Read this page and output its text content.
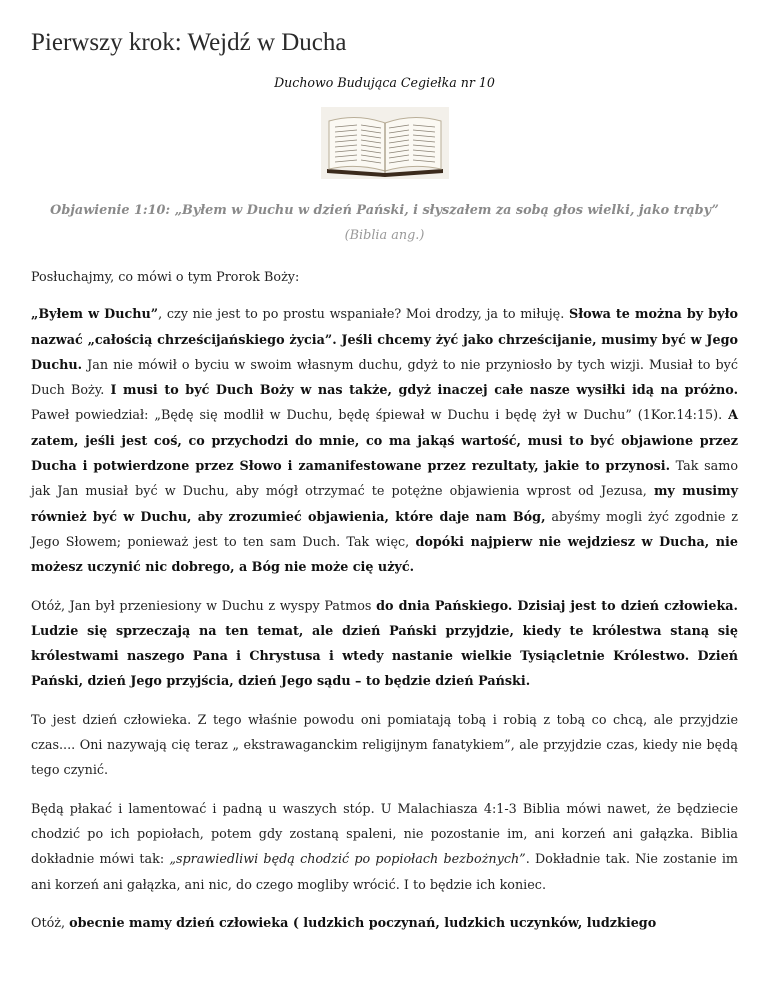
Pierwszy krok: Wejdź w Ducha
Duchowo Budująca Cegiełka nr 10
Objawienie 1:10: „Byłem w Duchu w dzień Pański, i słyszałem za sobą głos wielki, jako trąby” (Biblia ang.)

Posłuchajmy, co mówi o tym Prorok Boży:

„Byłem w Duchu”, czy nie jest to po prostu wspaniałe? Moi drodzy, ja to miłuję. Słowa te można by było nazwać „całością chrześcijańskiego życia”. Jeśli chcemy żyć jako chrześcijanie, musimy być w Jego Duchu. Jan nie mówił o byciu w swoim własnym duchu, gdyż to nie przyniosło by tych wizji. Musiał to być Duch Boży. I musi to być Duch Boży w nas także, gdyż inaczej całe nasze wysiłki idą na próżno. Paweł powiedział: „Będę się modlił w Duchu, będę śpiewał w Duchu i będę żył w Duchu” (1Kor.14:15). A zatem, jeśli jest coś, co przychodzi do mnie, co ma jakąś wartość, musi to być objawione przez Ducha i potwierdzone przez Słowo i zamanifestowane przez rezultaty, jakie to przynosi. Tak samo jak Jan musiał być w Duchu, aby mógł otrzymać te potężne objawienia wprost od Jezusa, my musimy również być w Duchu, aby zrozumieć objawienia, które daje nam Bóg, abyśmy mogli żyć zgodnie z Jego Słowem; ponieważ jest to ten sam Duch. Tak więc, dopóki najpierw nie wejdziesz w Ducha, nie możesz uczynić nic dobrego, a Bóg nie może cię użyć.

Otóż, Jan był przeniesiony w Duchu z wyspy Patmos do dnia Pańskiego. Dzisiaj jest to dzień człowieka. Ludzie się sprzeczają na ten temat, ale dzień Pański przyjdzie, kiedy te królestwa staną się królestwami naszego Pana i Chrystusa i wtedy nastanie wielkie Tysiącletnie Królestwo. Dzień Pański, dzień Jego przyjścia, dzień Jego sądu – to będzie dzień Pański.

To jest dzień człowieka. Z tego właśnie powodu oni pomiatają tobą i robią z tobą co chcą, ale przyjdzie czas.... Oni nazywają cię teraz „ ekstrawaganckim religijnym fanatykiem”, ale przyjdzie czas, kiedy nie będą tego czynić.

Będą płakać i lamentować i padną u waszych stóp. U Malachiasza 4:1-3 Biblia mówi nawet, że będziecie chodzić po ich popiołach, potem gdy zostaną spaleni, nie pozostanie im, ani korzeń ani gałązka. Biblia dokładnie mówi tak: „sprawiedliwi będą chodzić po popiołach bezbożnych”. Dokładnie tak. Nie zostanie im ani korzeń ani gałązka, ani nic, do czego mogliby wrócić. I to będzie ich koniec.

Otóż, obecnie mamy dzień człowieka ( ludzkich poczynań, ludzkich uczynków, ludzkiego
